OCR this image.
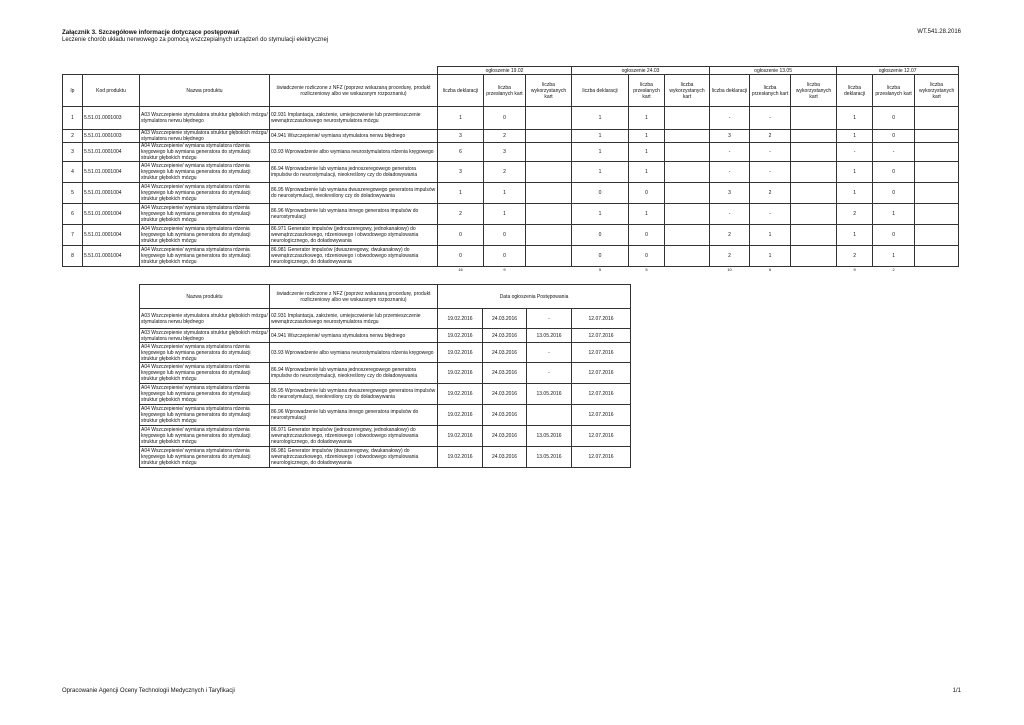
Załącznik 3. Szczegółowe informacje dotyczące postępowań
Leczenie chorób układu nerwowego za pomocą wszczepialnych urządzeń do stymulacji elektrycznej
WT.541.28.2016
				ogłoszenie 19.02			ogłoszenie 24.03			ogłoszenie 13.05			ogłoszenie 12.07		
lp	Kod produktu	Nazwa produktu	świadczenie rozliczone z NFZ (poprzez wskazaną procedurę, produkt rozliczeniowy albo we wskazanym rozpoznaniu)	liczba deklaracji	liczba przesłanych kart	liczba wykorzystanych kart	liczba deklaracji	liczba przesłanych kart	liczba wykorzystanych kart	liczba deklaracji	liczba przesłanych kart	liczba wykorzystanych kart	liczba deklaracji	liczba przesłanych kart	liczba wykorzystanych kart
1	5.51.01.0001003	A03 Wszczepienie stymulatora struktur głębokich mózgu/ stymulatora nerwu błędnego	02.931 Implantacja, założenie, umiejscowienie lub przemieszczenie wewnątrzczaszkowego neurostymulatora mózgu	1	0		1	1		-	-		1	0	
2	5.51.01.0001003	A03 Wszczepienie stymulatora struktur głębokich mózgu/ stymulatora nerwu błędnego	04.941 Wszczepienie/ wymiana stymulatora nerwu błędnego	3	2		1	1		3	2		1	0	
3	5.51.01.0001004	A04 Wszczepienie/ wymiana stymulatora rdzenia kręgowego lub wymiana generatora do stymulacji struktur głębokich mózgu	03.93 Wprowadzenie albo wymiana neurostymulatora rdzenia kręgowego	6	3		1	1		-	-		-	-	
4	5.51.01.0001004	A04 Wszczepienie/ wymiana stymulatora rdzenia kręgowego lub wymiana generatora do stymulacji struktur głębokich mózgu	86.94 Wprowadzenie lub wymiana jednoszeregowego generatora impulsów do neurostymulacji, nieokreślony czy do doładowywania	3	2		1	1		-	-		1	0	
5	5.51.01.0001004	A04 Wszczepienie/ wymiana stymulatora rdzenia kręgowego lub wymiana generatora do stymulacji struktur głębokich mózgu	86.95 Wprowadzenie lub wymiana dwuszeregowego generatora impulsów do neurostymulacji, nieokreślony czy do doładowywania	1	1		0	0		3	2		1	0	
6	5.51.01.0001004	A04 Wszczepienie/ wymiana stymulatora rdzenia kręgowego lub wymiana generatora do stymulacji struktur głębokich mózgu	86.96 Wprowadzenie lub wymiana innego generatora impulsów do neurostymulacji	2	1		1	1		-	-		2	1	
7	5.51.01.0001004	A04 Wszczepienie/ wymiana stymulatora rdzenia kręgowego lub wymiana generatora do stymulacji struktur głębokich mózgu	86.971 Generator impulsów (jednoszeregowy, jednokanałowy) do wewnątrzczaszkowego, rdzeniowego i obwodowego stymulowania neurologicznego, do doładowywania	0	0		0	0		2	1		1	0	
8	5.51.01.0001004	A04 Wszczepienie/ wymiana stymulatora rdzenia kręgowego lub wymiana generatora do stymulacji struktur głębokich mózgu	86.981 Generator impulsów (dwuszeregowy, dwukanałowy) do wewnątrzczaszkowego, rdzeniowego i obwodowego stymulowania neurologicznego, do doładowywania	0	0		0	0		2	1		2	1	
				16	9		5	5		10	6		9	2	
Nazwa produktu	świadczenie rozliczone z NFZ (poprzez wskazaną procedurę, produkt rozliczeniowy albo we wskazanym rozpoznaniu)	Data ogłoszenia Postępowania			
A03 Wszczepienie stymulatora struktur głębokich mózgu/ stymulatora nerwu błędnego	02.931 Implantacja, założenie, umiejscowienie lub przemieszczenie wewnątrzczaszkowego neurostymulatora mózgu	19.02.2016	24.03.2016	-	12.07.2016
A03 Wszczepienie stymulatora struktur głębokich mózgu/ stymulatora nerwu błędnego	04.941 Wszczepienie/ wymiana stymulatora nerwu błędnego	19.02.2016	24.03.2016	13.05.2016	12.07.2016
A04 Wszczepienie/ wymiana stymulatora rdzenia kręgowego lub wymiana generatora do stymulacji struktur głębokich mózgu	03.93 Wprowadzenie albo wymiana neurostymulatora rdzenia kręgowego	19.02.2016	24.03.2016	-	12.07.2016
A04 Wszczepienie/ wymiana stymulatora rdzenia kręgowego lub wymiana generatora do stymulacji struktur głębokich mózgu	86.94 Wprowadzenie lub wymiana jednoszeregowego generatora impulsów do neurostymulacji, nieokreślony czy do doładowywania	19.02.2016	24.03.2016	-	12.07.2016
A04 Wszczepienie/ wymiana stymulatora rdzenia kręgowego lub wymiana generatora do stymulacji struktur głębokich mózgu	86.95 Wprowadzenie lub wymiana dwuszeregowego generatora impulsów do neurostymulacji, nieokreślony czy do doładowywania	19.02.2016	24.03.2016	13.05.2016	12.07.2016
A04 Wszczepienie/ wymiana stymulatora rdzenia kręgowego lub wymiana generatora do stymulacji struktur głębokich mózgu	86.96 Wprowadzenie lub wymiana innego generatora impulsów do neurostymulacji	19.02.2016	24.03.2016		12.07.2016
A04 Wszczepienie/ wymiana stymulatora rdzenia kręgowego lub wymiana generatora do stymulacji struktur głębokich mózgu	86.971 Generator impulsów (jednoszeregowy, jednokanałowy) do wewnątrzczaszkowego, rdzeniowego i obwodowego stymulowania neurologicznego, do doładowywania	19.02.2016	24.03.2016	13.05.2016	12.07.2016
A04 Wszczepienie/ wymiana stymulatora rdzenia kręgowego lub wymiana generatora do stymulacji struktur głębokich mózgu	86.981 Generator impulsów (dwuszeregowy, dwukanałowy) do wewnątrzczaszkowego, rdzeniowego i obwodowego stymulowania neurologicznego, do doładowywania	19.02.2016	24.03.2016	13.05.2016	12.07.2016
Opracowanie Agencji Oceny Technologii Medycznych i Taryfikacji	1/1
